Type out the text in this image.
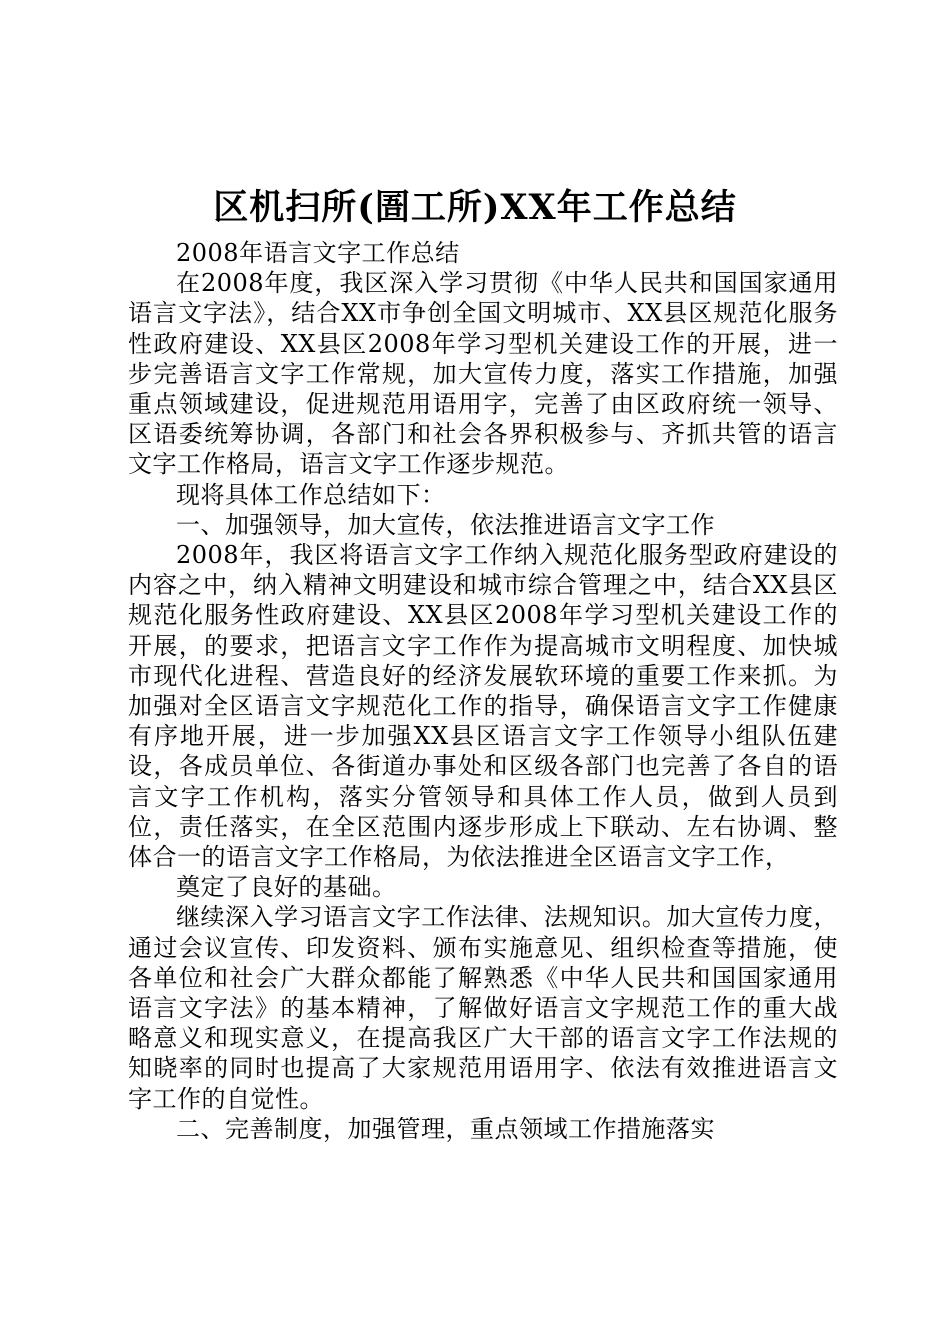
区机扫所(圄工所)XX年工作总结

2008年语言文字工作总结

在2008年度，我区深入学习贯彻《中华人民共和国国家通用语言文字法》，结合XX市争创全国文明城市、XX县区规范化服务性政府建设、XX县区2008年学习型机关建设工作的开展，进一步完善语言文字工作常规，加大宣传力度，落实工作措施，加强重点领域建设，促进规范用语用字，完善了由区政府统一领导、区语委统筹协调，各部门和社会各界积极参与、齐抓共管的语言文字工作格局，语言文字工作逐步规范。

现将具体工作总结如下：

一、加强领导，加大宣传，依法推进语言文字工作

2008年，我区将语言文字工作纳入规范化服务型政府建设的内容之中，纳入精神文明建设和城市综合管理之中，结合XX县区规范化服务性政府建设、XX县区2008年学习型机关建设工作的开展，的要求，把语言文字工作作为提高城市文明程度、加快城市现代化进程、营造良好的经济发展软环境的重要工作来抓。为加强对全区语言文字规范化工作的指导，确保语言文字工作健康有序地开展，进一步加强XX县区语言文字工作领导小组队伍建设，各成员单位、各街道办事处和区级各部门也完善了各自的语言文字工作机构，落实分管领导和具体工作人员，做到人员到位，责任落实，在全区范围内逐步形成上下联动、左右协调、整体合一的语言文字工作格局，为依法推进全区语言文字工作，

奠定了良好的基础。

继续深入学习语言文字工作法律、法规知识。加大宣传力度，通过会议宣传、印发资料、颁布实施意见、组织检查等措施，使各单位和社会广大群众都能了解熟悉《中华人民共和国国家通用语言文字法》的基本精神，了解做好语言文字规范工作的重大战略意义和现实意义，在提高我区广大干部的语言文字工作法规的知晓率的同时也提高了大家规范用语用字、依法有效推进语言文字工作的自觉性。

二、完善制度，加强管理，重点领域工作措施落实
